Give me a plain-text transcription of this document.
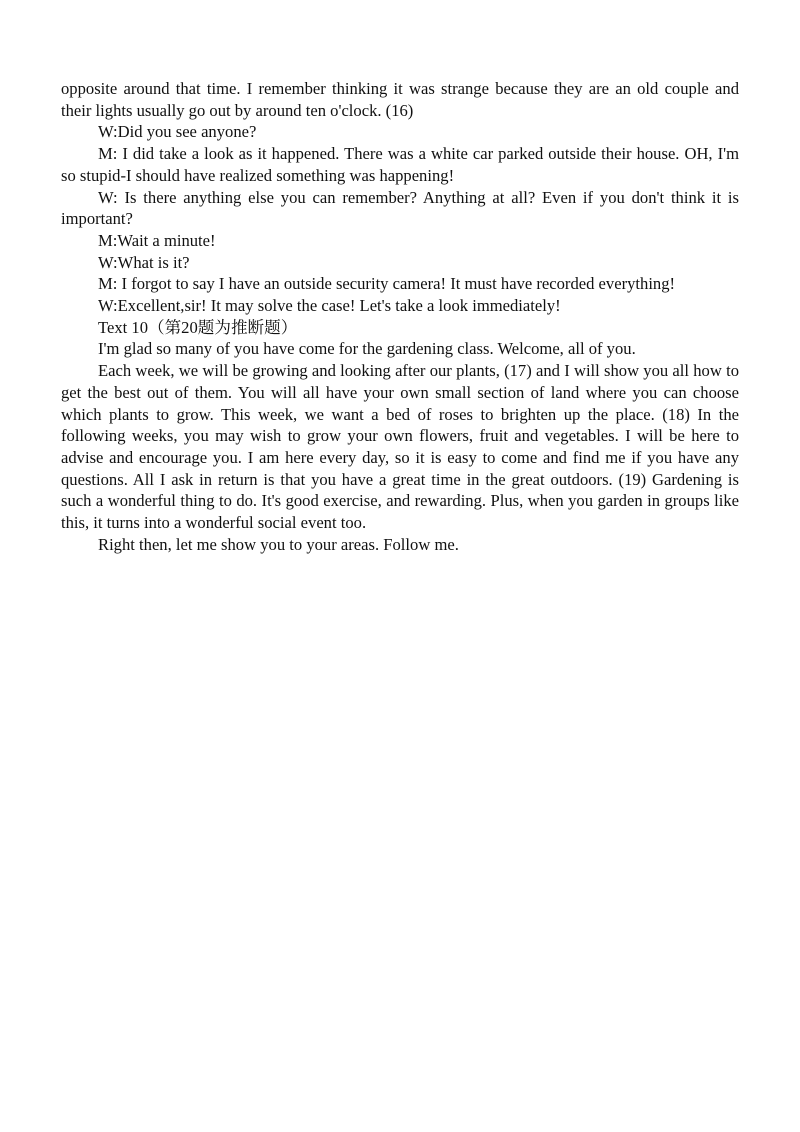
opposite around that time. I remember thinking it was strange because they are an old couple and their lights usually go out by around ten o'clock. (16)

W:Did you see anyone?

M: I did take a look as it happened. There was a white car parked outside their house. OH, I'm so stupid-I should have realized something was happening!

W: Is there anything else you can remember? Anything at all? Even if you don't think it is important?

M:Wait a minute!

W:What is it?

M: I forgot to say I have an outside security camera! It must have recorded everything!

W:Excellent,sir! It may solve the case! Let's take a look immediately!

Text 10（第20题为推断题）

I'm glad so many of you have come for the gardening class. Welcome, all of you.

Each week, we will be growing and looking after our plants, (17) and I will show you all how to get the best out of them. You will all have your own small section of land where you can choose which plants to grow. This week, we want a bed of roses to brighten up the place. (18) In the following weeks, you may wish to grow your own flowers, fruit and vegetables. I will be here to advise and encourage you. I am here every day, so it is easy to come and find me if you have any questions. All I ask in return is that you have a great time in the great outdoors. (19) Gardening is such a wonderful thing to do. It's good exercise, and rewarding. Plus, when you garden in groups like this, it turns into a wonderful social event too.

Right then, let me show you to your areas. Follow me.
